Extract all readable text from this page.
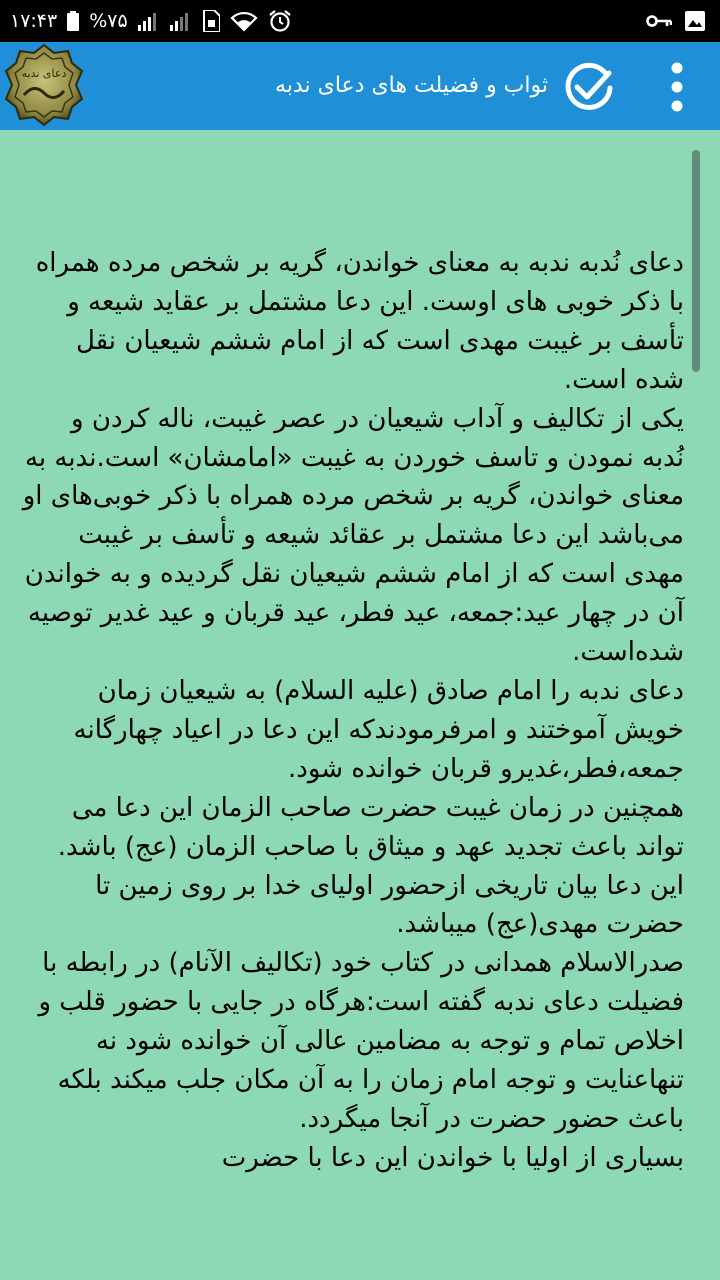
۱۷:۴۳ %۷۵
دعای ندبه	ثواب و فضیلت های دعای ندبه

دعای نُدبه ندبه به معنای خواندن، گریه بر شخص مرده همراه با ذکر خوبی های اوست. این دعا مشتمل بر عقاید شیعه و تأسف بر غیبت مهدی است که از امام ششم شیعیان نقل شده است.

یکی از تکالیف و آداب شیعیان در عصر غیبت، ناله کردن و نُدبه نمودن و تاسف خوردن به غیبت «امامشان» است.ندبه به معنای خواندن، گریه بر شخص مرده همراه با ذکر خوبی‌های او می‌باشد این دعا مشتمل بر عقائد شیعه و تأسف بر غیبت مهدی است که از امام ششم شیعیان نقل گردیده و به خواندن آن در چهار عید:جمعه، عید فطر، عید قربان و عید غدیر توصیه شده‌است.

دعای ندبه را امام صادق (علیه السلام) به شیعیان زمان خویش آموختند و امرفرمودندکه این دعا در اعیاد چهارگانه جمعه،فطر،غدیرو قربان خوانده شود.

همچنین در زمان غیبت حضرت صاحب الزمان این دعا می تواند باعث تجدید عهد و میثاق با صاحب الزمان (عج) باشد. این دعا بیان تاریخی ازحضور اولیای خدا بر روی زمین تا حضرت مهدی(عج) میباشد.

صدرالاسلام همدانی در کتاب خود (تکالیف الآنام) در رابطه با فضیلت دعای ندبه گفته است:هرگاه در جایی با حضور قلب و اخلاص تمام و توجه به مضامین عالی آن خوانده شود نه تنهاعنایت و توجه امام زمان را به آن مکان جلب میکند بلکه باعث حضور حضرت در آنجا میگردد.

بسیاری از اولیا با خواندن این دعا با حضرت
